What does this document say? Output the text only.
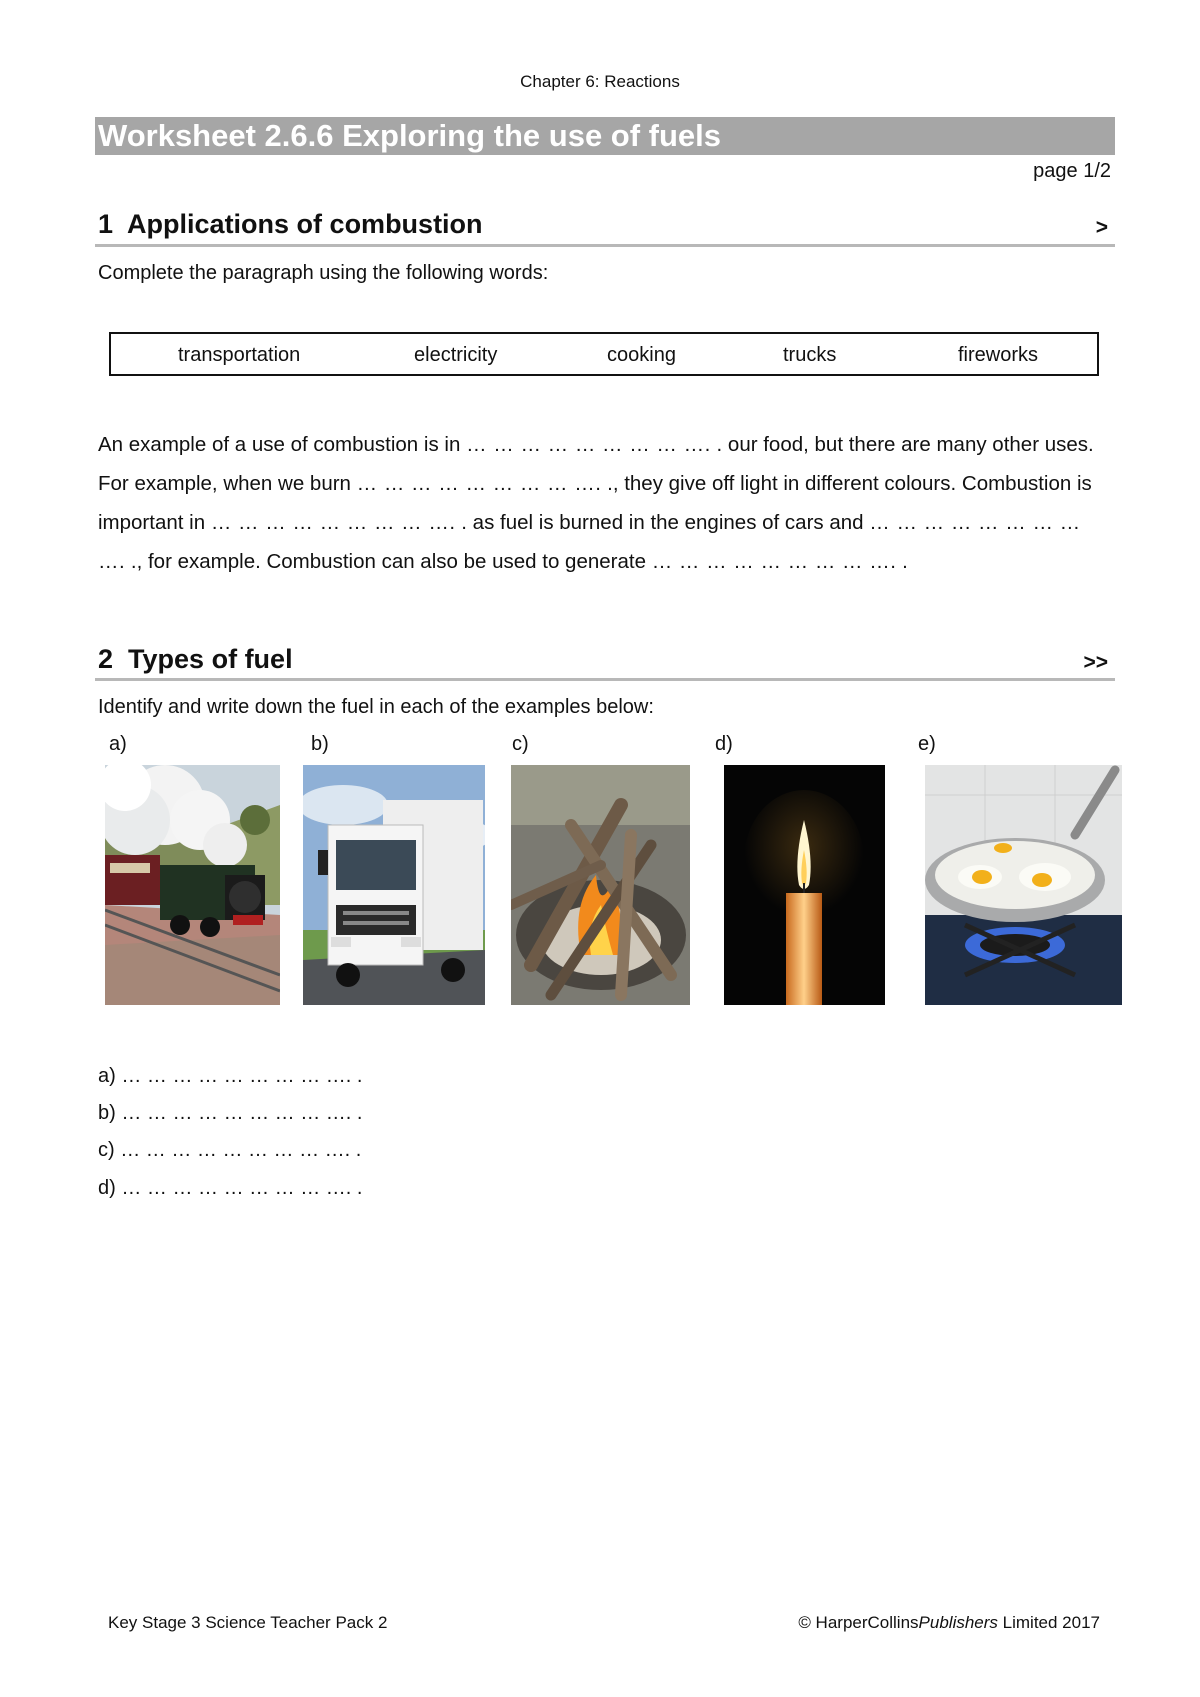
Chapter 6: Reactions
Worksheet 2.6.6 Exploring the use of fuels
page 1/2
1 Applications of combustion	>
Complete the paragraph using the following words:
transportation	electricity	cooking	trucks	fireworks
An example of a use of combustion is in … … … … … … … … …. . our food, but there are many other uses. For example, when we burn … … … … … … … … …. ., they give off light in different colours. Combustion is important in … … … … … … … … …. . as fuel is burned in the engines of cars and … … … … … … … … …. ., for example. Combustion can also be used to generate … … … … … … … … …. .
2 Types of fuel	>>
Identify and write down the fuel in each of the examples below:
a)	b)	c)	d)	e)
a) … … … … … … … … …. .
b) … … … … … … … … …. .
c) … … … … … … … … …. .
d) … … … … … … … … …. .
Key Stage 3 Science Teacher Pack 2	© HarperCollinsPublishers Limited 2017
